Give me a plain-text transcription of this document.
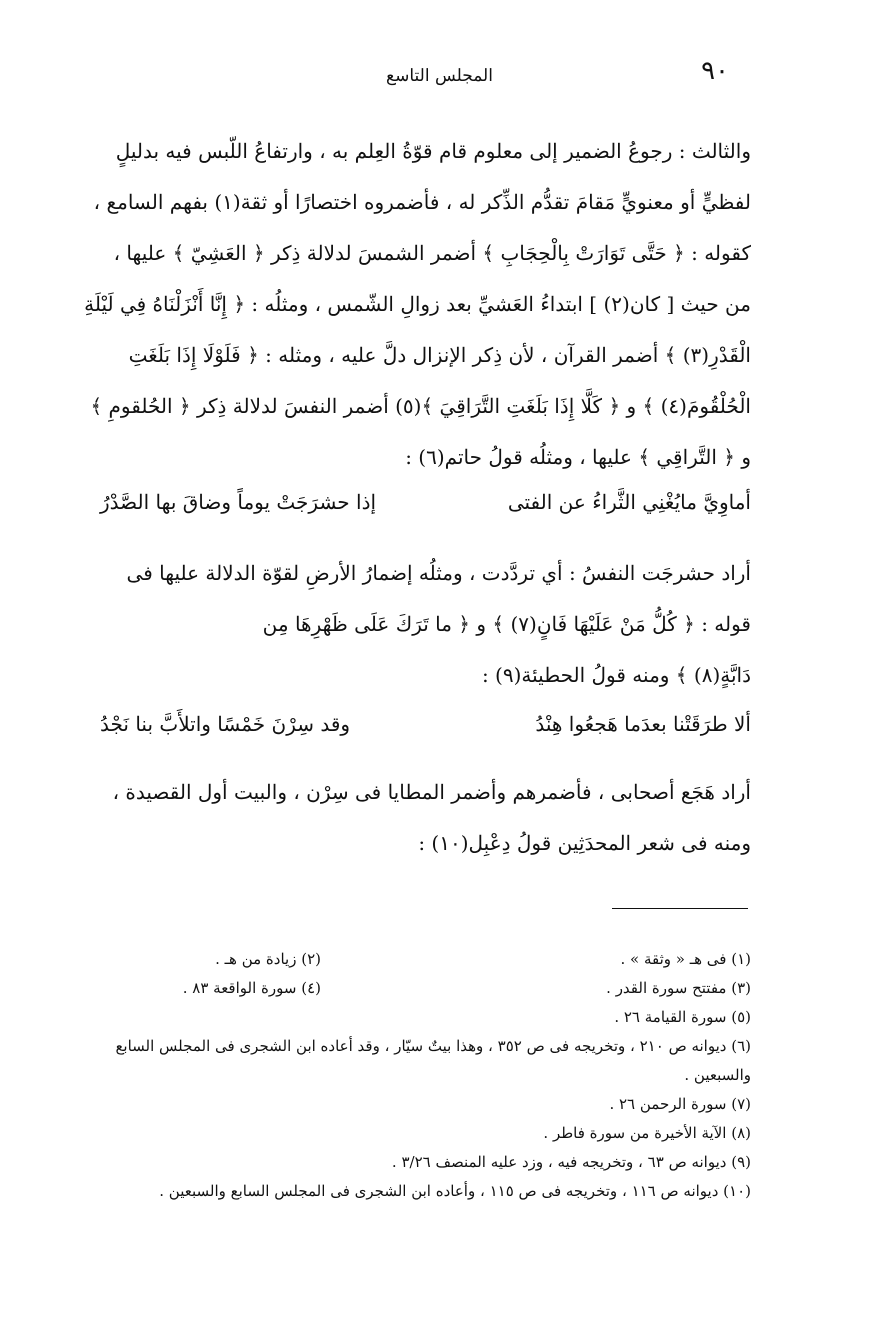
٩٠
المجلس التاسع
والثالث : رجوعُ الضمير إلى معلوم قام قوّةُ العِلم به ، وارتفاعُ اللّبس فيه بدليلٍ
لفظيٍّ أو معنويٍّ مَقامَ تقدُّم الذِّكر له ، فأضمروه اختصارًا أو ثقة(١) بفهم السامع ،
كقوله : ﴿ حَتَّى تَوَارَتْ بِالْحِجَابِ ﴾ أضمر الشمسَ لدلالة ذِكر ﴿ العَشِيّ ﴾ عليها ،
من حيث [ كان(٢) ] ابتداءُ العَشيِّ بعد زوالِ الشّمس ، ومثلُه : ﴿ إِنَّا أَنْزَلْنَاهُ فِي لَيْلَةِ
الْقَدْرِ(٣) ﴾ أضمر القرآن ، لأن ذِكر الإنزال دلَّ عليه ، ومثله : ﴿ فَلَوْلَا إِذَا بَلَغَتِ
الْحُلْقُومَ(٤) ﴾ و ﴿ كَلَّا إِذَا بَلَغَتِ التَّرَاقِيَ ﴾(٥) أضمر النفسَ لدلالة ذِكر ﴿ الحُلقومِ ﴾
و ﴿ التَّراقِي ﴾ عليها ، ومثلُه قولُ حاتم(٦) :
أماوِيَّ مايُغْنِي الثَّراءُ عن الفتى
إذا حشرَجَتْ يوماً وضاقَ بها الصَّدْرُ
أراد حشرجَت النفسُ : أي تردَّدت ، ومثلُه إضمارُ الأرضِ لقوّة الدلالة عليها فى
قوله : ﴿ كُلُّ مَنْ عَلَيْهَا فَانٍ(٧) ﴾ و ﴿ ما تَرَكَ عَلَى ظَهْرِهَا مِن
دَابَّةٍ(٨) ﴾ ومنه قولُ الحطيئة(٩) :
ألا طرَقَتْنا بعدَما هَجعُوا هِنْدُ
وقد سِرْنَ خَمْسًا واتلأَبَّ بنا نَجْدُ
أراد هَجَع أصحابى ، فأضمرهم وأضمر المطايا فى سِرْن ، والبيت أول القصيدة ،
ومنه فى شعر المحدَثِين قولُ دِعْبِل(١٠) :
(١) فى هـ « وثقة » .
(٢) زيادة من هـ .
(٣) مفتتح سورة القدر .
(٤) سورة الواقعة ٨٣ .
(٥) سورة القيامة ٢٦ .
(٦) ديوانه ص ٢١٠ ، وتخريجه فى ص ٣٥٢ ، وهذا بيتٌ سيّار ، وقد أعاده ابن الشجرى فى المجلس السابع والسبعين .
(٧) سورة الرحمن ٢٦ .
(٨) الآية الأخيرة من سورة فاطر .
(٩) ديوانه ص ٦٣ ، وتخريجه فيه ، وزد عليه المنصف ٣/٢٦ .
(١٠) ديوانه ص ١١٦ ، وتخريجه فى ص ١١٥ ، وأعاده ابن الشجرى فى المجلس السابع والسبعين .
